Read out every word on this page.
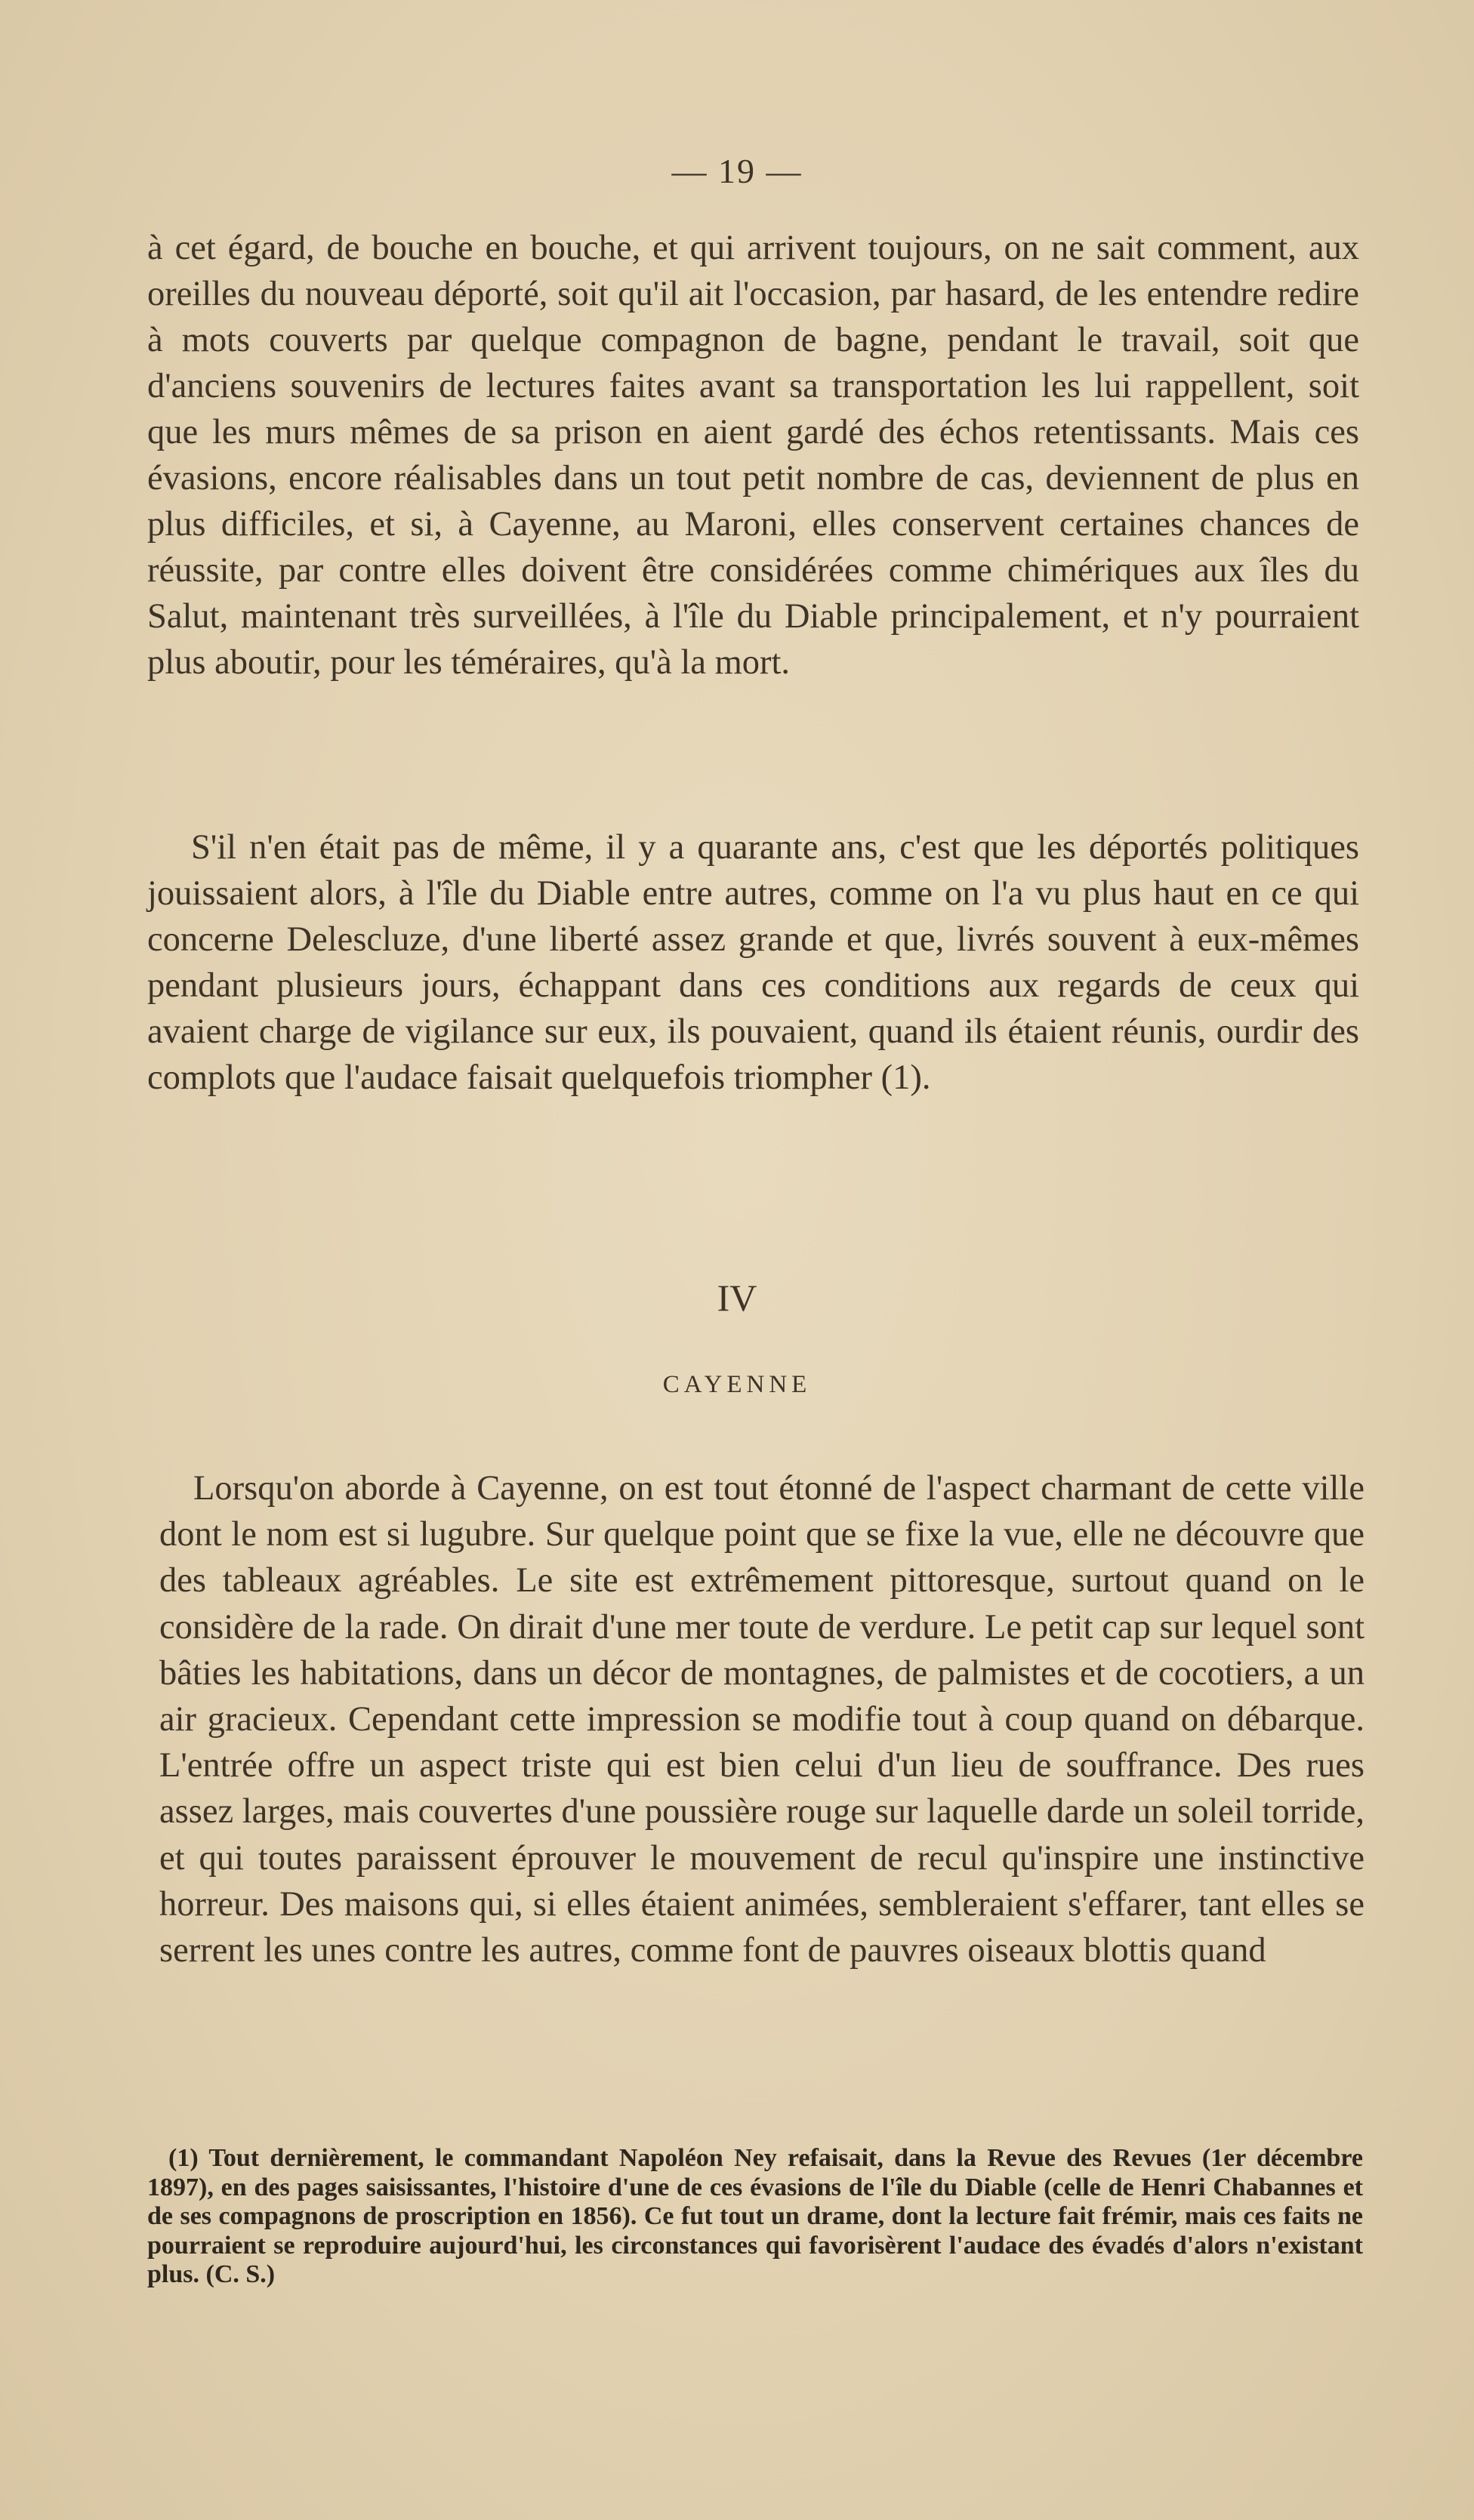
— 19 —

à cet égard, de bouche en bouche, et qui arrivent toujours, on ne sait comment, aux oreilles du nouveau déporté, soit qu'il ait l'occasion, par hasard, de les entendre redire à mots couverts par quelque compagnon de bagne, pendant le travail, soit que d'anciens souvenirs de lectures faites avant sa transportation les lui rappellent, soit que les murs mêmes de sa prison en aient gardé des échos retentissants. Mais ces évasions, encore réalisables dans un tout petit nombre de cas, deviennent de plus en plus difficiles, et si, à Cayenne, au Maroni, elles conservent certaines chances de réussite, par contre elles doivent être considérées comme chimériques aux îles du Salut, maintenant très surveillées, à l'île du Diable principalement, et n'y pourraient plus aboutir, pour les téméraires, qu'à la mort.

S'il n'en était pas de même, il y a quarante ans, c'est que les déportés politiques jouissaient alors, à l'île du Diable entre autres, comme on l'a vu plus haut en ce qui concerne Delescluze, d'une liberté assez grande et que, livrés souvent à eux-mêmes pendant plusieurs jours, échappant dans ces conditions aux regards de ceux qui avaient charge de vigilance sur eux, ils pouvaient, quand ils étaient réunis, ourdir des complots que l'audace faisait quelquefois triompher (1).

IV
CAYENNE

Lorsqu'on aborde à Cayenne, on est tout étonné de l'aspect charmant de cette ville dont le nom est si lugubre. Sur quelque point que se fixe la vue, elle ne découvre que des tableaux agréables. Le site est extrêmement pittoresque, surtout quand on le considère de la rade. On dirait d'une mer toute de verdure. Le petit cap sur lequel sont bâties les habitations, dans un décor de montagnes, de palmistes et de cocotiers, a un air gracieux. Cependant cette impression se modifie tout à coup quand on débarque. L'entrée offre un aspect triste qui est bien celui d'un lieu de souffrance. Des rues assez larges, mais couvertes d'une poussière rouge sur laquelle darde un soleil torride, et qui toutes paraissent éprouver le mouvement de recul qu'inspire une instinctive horreur. Des maisons qui, si elles étaient animées, sembleraient s'effarer, tant elles se serrent les unes contre les autres, comme font de pauvres oiseaux blottis quand

(1) Tout dernièrement, le commandant Napoléon Ney refaisait, dans la Revue des Revues (1er décembre 1897), en des pages saisissantes, l'histoire d'une de ces évasions de l'île du Diable (celle de Henri Chabannes et de ses compagnons de proscription en 1856). Ce fut tout un drame, dont la lecture fait frémir, mais ces faits ne pourraient se reproduire aujourd'hui, les circonstances qui favorisèrent l'audace des évadés d'alors n'existant plus. (C. S.)
